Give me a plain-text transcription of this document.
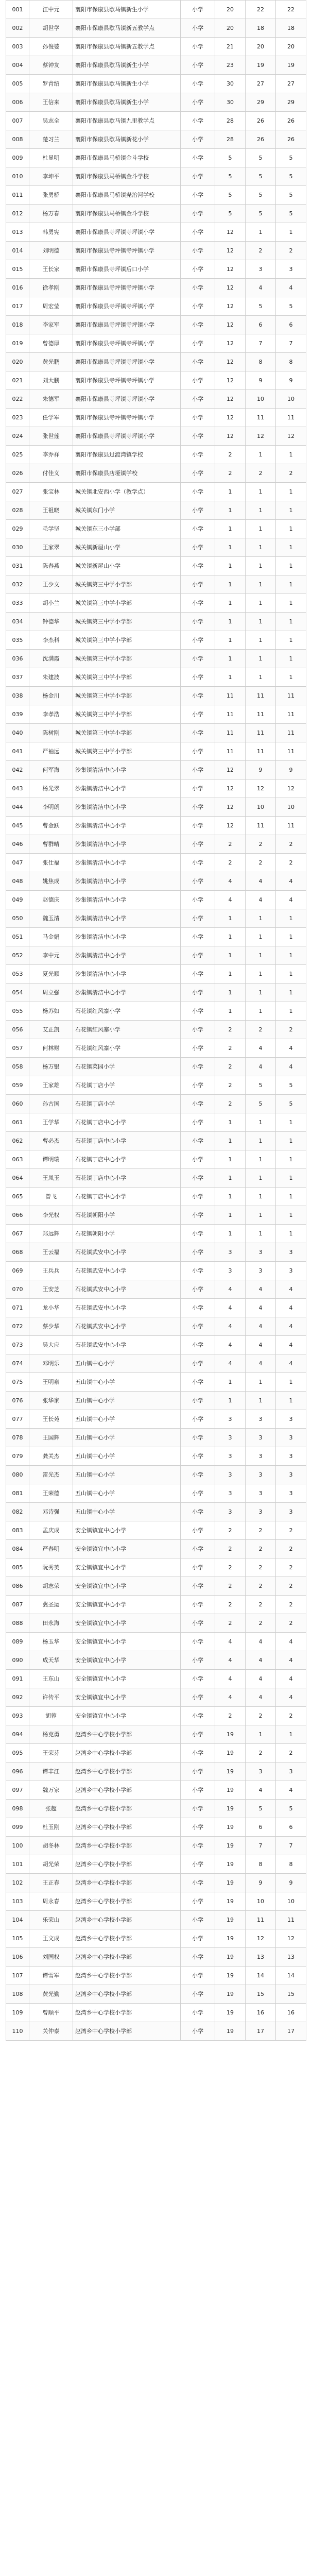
001	江中元	襄阳市保康县歇马镇新生小学	小学	20	22	22
002	胡世学	襄阳市保康县歇马镇新五教学点	小学	20	18	18
003	孙俊婆	襄阳市保康县歇马镇新五教学点	小学	21	20	20
004	蔡钟友	襄阳市保康县歇马镇新生小学	小学	23	19	19
005	罗青绍	襄阳市保康县歇马镇新生小学	小学	30	27	27
006	王信来	襄阳市保康县歇马镇新生小学	小学	30	29	29
007	吴志全	襄阳市保康县歇马镇九里教学点	小学	28	26	26
008	楚习兰	襄阳市保康县歇马镇新花小学	小学	28	26	26
009	杜显明	襄阳市保康县马桥镇金斗学校	小学	5	5	5
010	李坤平	襄阳市保康县马桥镇金斗学校	小学	5	5	5
011	张勇桥	襄阳市保康县马桥镇尧治河学校	小学	5	5	5
012	杨万春	襄阳市保康县马桥镇金斗学校	小学	5	5	5
013	韩勇宪	襄阳市保康县寺坪镇寺坪镇小学	小学	12	1	1
014	刘明德	襄阳市保康县寺坪镇寺坪镇小学	小学	12	2	2
015	王长家	襄阳市保康县寺坪镇后口小学	小学	12	3	3
016	徐孝刚	襄阳市保康县寺坪镇寺坪镇小学	小学	12	4	4
017	周宏莹	襄阳市保康县寺坪镇寺坪镇小学	小学	12	5	5
018	李家军	襄阳市保康县寺坪镇寺坪镇小学	小学	12	6	6
019	曾德厚	襄阳市保康县寺坪镇寺坪镇小学	小学	12	7	7
020	黄光鹏	襄阳市保康县寺坪镇寺坪镇小学	小学	12	8	8
021	刘大鹏	襄阳市保康县寺坪镇寺坪镇小学	小学	12	9	9
022	朱德军	襄阳市保康县寺坪镇寺坪镇小学	小学	12	10	10
023	任学军	襄阳市保康县寺坪镇寺坪镇小学	小学	12	11	11
024	张世莲	襄阳市保康县寺坪镇寺坪镇小学	小学	12	12	12
025	李乔祥	襄阳市保康县过渡湾镇学校	小学	2	1	1
026	付佳义	襄阳市保康县店垭镇学校	小学	2	2	2
027	张宝林	城关镇北安西小学（教学点）	小学	1	1	1
028	王祖晓	城关镇东门小学	小学	1	1	1
029	毛学坚	城关镇东三小学部	小学	1	1	1
030	王家翠	城关镇新屋山小学	小学	1	1	1
031	陈春燕	城关镇新屋山小学	小学	1	1	1
032	王少文	城关镇第三中学小学部	小学	1	1	1
033	胡小兰	城关镇第三中学小学部	小学	1	1	1
034	钟德华	城关镇第三中学小学部	小学	1	1	1
035	李杰科	城关镇第三中学小学部	小学	1	1	1
036	沈满霞	城关镇第三中学小学部	小学	1	1	1
037	朱建波	城关镇第三中学小学部	小学	1	1	1
038	杨金川	城关镇第三中学小学部	小学	11	11	11
039	李孝浩	城关镇第三中学小学部	小学	11	11	11
040	陈树刚	城关镇第三中学小学部	小学	11	11	11
041	严袖远	城关镇第三中学小学部	小学	11	11	11
042	何军海	沙集镇清洁中心小学	小学	12	9	9
043	杨光翠	沙集镇清洁中心小学	小学	12	12	12
044	李明朗	沙集镇清洁中心小学	小学	12	10	10
045	曹金跃	沙集镇清洁中心小学	小学	12	11	11
046	曹群晴	沙集镇清洁中心小学	小学	2	2	2
047	张仕福	沙集镇清洁中心小学	小学	2	2	2
048	姚焦成	沙集镇清洁中心小学	小学	4	4	4
049	赵德庆	沙集镇清洁中心小学	小学	4	4	4
050	魏玉清	沙集镇清洁中心小学	小学	1	1	1
051	马金娟	沙集镇清洁中心小学	小学	1	1	1
052	李中元	沙集镇清洁中心小学	小学	1	1	1
053	夏光顺	沙集镇清洁中心小学	小学	1	1	1
054	周立强	沙集镇清洁中心小学	小学	1	1	1
055	杨苏如	石花镇红风寨小学	小学	1	1	1
056	艾正凯	石花镇红风寨小学	小学	2	2	2
057	何林财	石花镇红风寨小学	小学	2	4	4
058	杨万银	石花镇菜园小学	小学	2	4	4
059	王家雄	石花镇丁店小学	小学	2	5	5
060	孙古国	石花镇丁店小学	小学	2	5	5
061	王学华	石花镇丁店中心小学	小学	1	1	1
062	曹必杰	石花镇丁店中心小学	小学	1	1	1
063	谭明瑞	石花镇丁店中心小学	小学	1	1	1
064	王凤玉	石花镇丁店中心小学	小学	1	1	1
065	曾飞	石花镇丁店中心小学	小学	1	1	1
066	李光权	石花镇朝阳小学	小学	1	1	1
067	郑远辉	石花镇朝阳小学	小学	1	1	1
068	王云福	石花镇武安中心小学	小学	3	3	3
069	王兵兵	石花镇武安中心小学	小学	3	3	3
070	王安芝	石花镇武安中心小学	小学	4	4	4
071	龙小华	石花镇武安中心小学	小学	4	4	4
072	蔡少华	石花镇武安中心小学	小学	4	4	4
073	吴大应	石花镇武安中心小学	小学	4	4	4
074	邓明乐	五山镇中心小学	小学	4	4	4
075	王明泉	五山镇中心小学	小学	1	1	1
076	张华家	五山镇中心小学	小学	1	1	1
077	王长苑	五山镇中心小学	小学	3	3	3
078	王国辉	五山镇中心小学	小学	3	3	3
079	龚关杰	五山镇中心小学	小学	3	3	3
080	雷光杰	五山镇中心小学	小学	3	3	3
081	王荣德	五山镇中心小学	小学	3	3	3
082	邓诗强	五山镇中心小学	小学	3	3	3
083	孟庆成	安全镇镇宜中心小学	小学	2	2	2
084	严春明	安全镇镇宜中心小学	小学	2	2	2
085	阮秀英	安全镇镇宜中心小学	小学	2	2	2
086	胡志荣	安全镇镇宜中心小学	小学	2	2	2
087	冀圣运	安全镇镇宜中心小学	小学	2	2	2
088	田永海	安全镇镇宜中心小学	小学	2	2	2
089	杨玉华	安全镇镇宜中心小学	小学	4	4	4
090	成天华	安全镇镇宜中心小学	小学	4	4	4
091	王东山	安全镇镇宜中心小学	小学	4	4	4
092	许传平	安全镇镇宜中心小学	小学	4	4	4
093	胡蓉	安全镇镇宜中心小学	小学	2	2	2
094	杨克勇	赵湾乡中心学校小学部	小学	19	1	1
095	王荣芬	赵湾乡中心学校小学部	小学	19	2	2
096	谭丰江	赵湾乡中心学校小学部	小学	19	3	3
097	魏万家	赵湾乡中心学校小学部	小学	19	4	4
098	张超	赵湾乡中心学校小学部	小学	19	5	5
099	杜玉刚	赵湾乡中心学校小学部	小学	19	6	6
100	胡冬林	赵湾乡中心学校小学部	小学	19	7	7
101	胡光荣	赵湾乡中心学校小学部	小学	19	8	8
102	王正春	赵湾乡中心学校小学部	小学	19	9	9
103	周永春	赵湾乡中心学校小学部	小学	19	10	10
104	乐荣山	赵湾乡中心学校小学部	小学	19	11	11
105	王文成	赵湾乡中心学校小学部	小学	19	12	12
106	刘国权	赵湾乡中心学校小学部	小学	19	13	13
107	谭雪军	赵湾乡中心学校小学部	小学	19	14	14
108	黄光勤	赵湾乡中心学校小学部	小学	19	15	15
109	曾顺平	赵湾乡中心学校小学部	小学	19	16	16
110	关仲泰	赵湾乡中心学校小学部	小学	19	17	17
